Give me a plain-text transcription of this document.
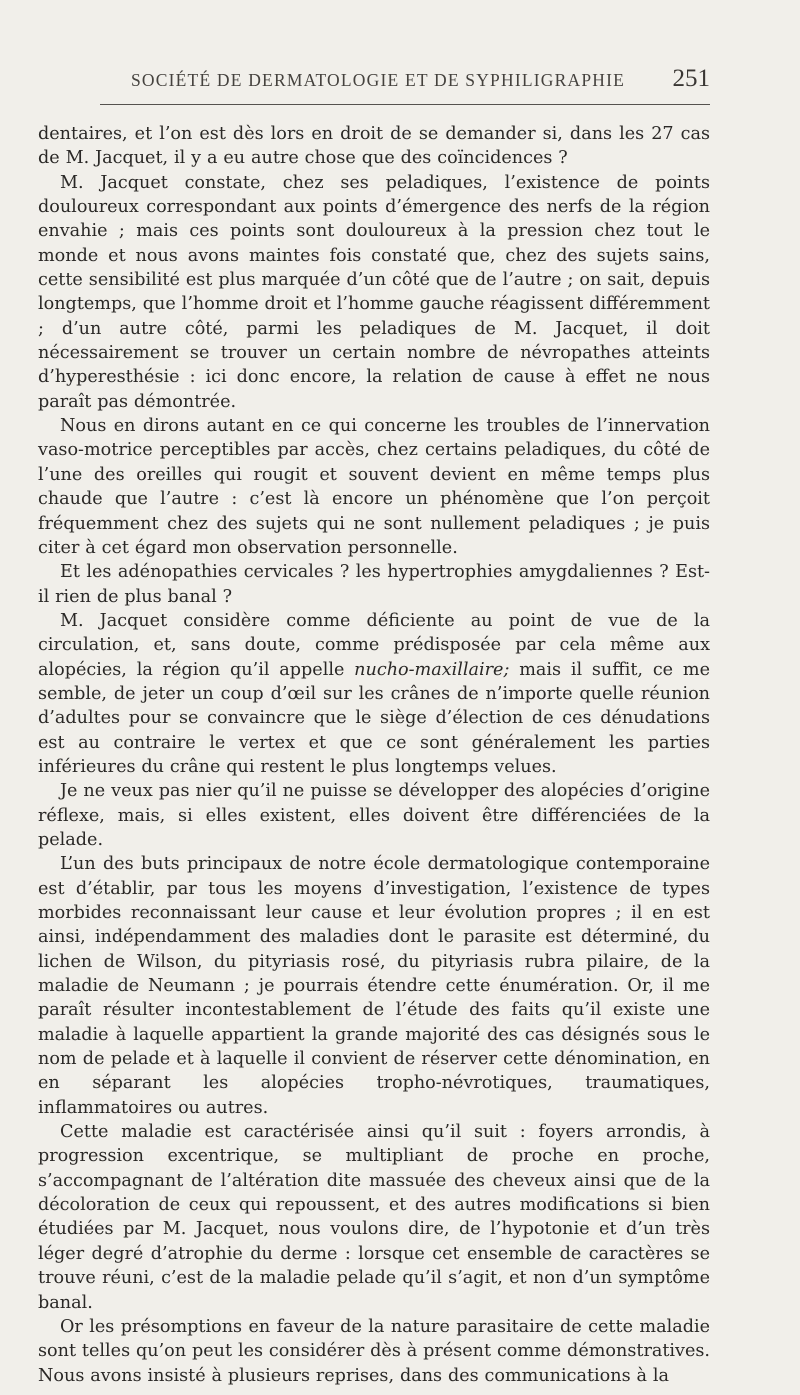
SOCIÉTÉ DE DERMATOLOGIE ET DE SYPHILIGRAPHIE 251

dentaires, et l’on est dès lors en droit de se demander si, dans les 27 cas de M. Jacquet, il y a eu autre chose que des coïncidences ?

M. Jacquet constate, chez ses peladiques, l’existence de points douloureux correspondant aux points d’émergence des nerfs de la région envahie ; mais ces points sont douloureux à la pression chez tout le monde et nous avons maintes fois constaté que, chez des sujets sains, cette sensibilité est plus marquée d’un côté que de l’autre ; on sait, depuis longtemps, que l’homme droit et l’homme gauche réagissent différemment ; d’un autre côté, parmi les peladiques de M. Jacquet, il doit nécessairement se trouver un certain nombre de névropathes atteints d’hyperesthésie : ici donc encore, la relation de cause à effet ne nous paraît pas démontrée.

Nous en dirons autant en ce qui concerne les troubles de l’innervation vaso-motrice perceptibles par accès, chez certains peladiques, du côté de l’une des oreilles qui rougit et souvent devient en même temps plus chaude que l’autre : c’est là encore un phénomène que l’on perçoit fréquemment chez des sujets qui ne sont nullement peladiques ; je puis citer à cet égard mon observation personnelle.

Et les adénopathies cervicales ? les hypertrophies amygdaliennes ? Est-il rien de plus banal ?

M. Jacquet considère comme déficiente au point de vue de la circulation, et, sans doute, comme prédisposée par cela même aux alopécies, la région qu’il appelle nucho-maxillaire; mais il suffit, ce me semble, de jeter un coup d’œil sur les crânes de n’importe quelle réunion d’adultes pour se convaincre que le siège d’élection de ces dénudations est au contraire le vertex et que ce sont généralement les parties inférieures du crâne qui restent le plus longtemps velues.

Je ne veux pas nier qu’il ne puisse se développer des alopécies d’origine réflexe, mais, si elles existent, elles doivent être différenciées de la pelade.

L’un des buts principaux de notre école dermatologique contemporaine est d’établir, par tous les moyens d’investigation, l’existence de types morbides reconnaissant leur cause et leur évolution propres ; il en est ainsi, indépendamment des maladies dont le parasite est déterminé, du lichen de Wilson, du pityriasis rosé, du pityriasis rubra pilaire, de la maladie de Neumann ; je pourrais étendre cette énumération. Or, il me paraît résulter incontestablement de l’étude des faits qu’il existe une maladie à laquelle appartient la grande majorité des cas désignés sous le nom de pelade et à laquelle il convient de réserver cette dénomination, en en séparant les alopécies tropho-névrotiques, traumatiques, inflammatoires ou autres.

Cette maladie est caractérisée ainsi qu’il suit : foyers arrondis, à progression excentrique, se multipliant de proche en proche, s’accompagnant de l’altération dite massuée des cheveux ainsi que de la décoloration de ceux qui repoussent, et des autres modifications si bien étudiées par M. Jacquet, nous voulons dire, de l’hypotonie et d’un très léger degré d’atrophie du derme : lorsque cet ensemble de caractères se trouve réuni, c’est de la maladie pelade qu’il s’agit, et non d’un symptôme banal.

Or les présomptions en faveur de la nature parasitaire de cette maladie sont telles qu’on peut les considérer dès à présent comme démonstratives. Nous avons insisté à plusieurs reprises, dans des communications à la
